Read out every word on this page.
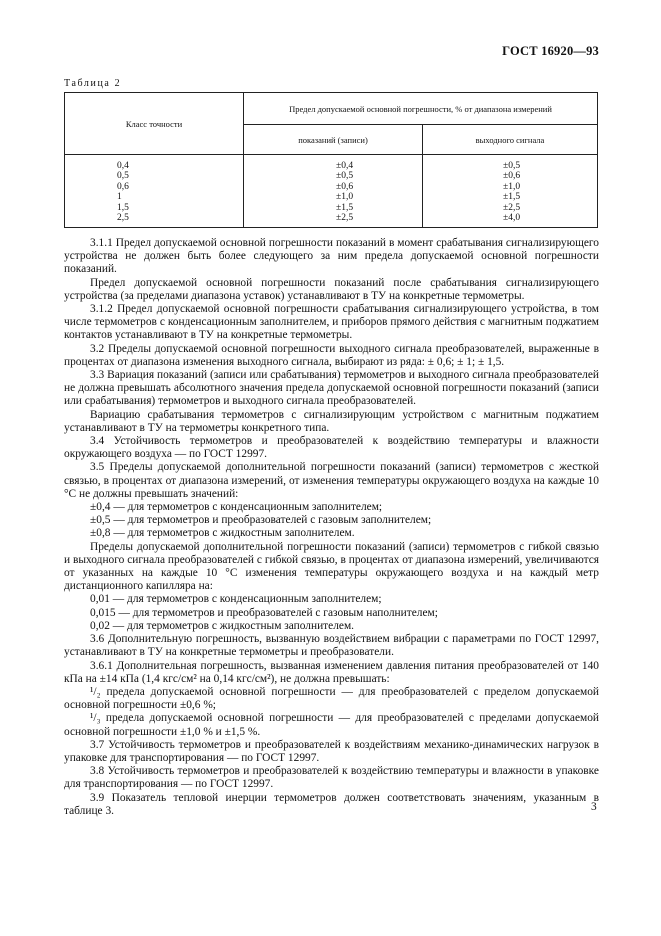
ГОСТ 16920—93
Таблица 2
Класс точности	Предел допускаемой основной погрешности, % от диапазона измерений	
	показаний (записи)	выходного сигнала
0,4	±0,4	±0,5
0,5	±0,5	±0,6
0,6	±0,6	±1,0
1	±1,0	±1,5
1,5	±1,5	±2,5
2,5	±2,5	±4,0

3.1.1 Предел допускаемой основной погрешности показаний в момент срабатывания сигнализирующего устройства не должен быть более следующего за ним предела допускаемой основной погрешности показаний.

Предел допускаемой основной погрешности показаний после срабатывания сигнализирующего устройства (за пределами диапазона уставок) устанавливают в ТУ на конкретные термометры.

3.1.2 Предел допускаемой основной погрешности срабатывания сигнализирующего устройства, в том числе термометров с конденсационным заполнителем, и приборов прямого действия с магнитным поджатием контактов устанавливают в ТУ на конкретные термометры.

3.2 Пределы допускаемой основной погрешности выходного сигнала преобразователей, выраженные в процентах от диапазона изменения выходного сигнала, выбирают из ряда: ± 0,6; ± 1; ± 1,5.

3.3 Вариация показаний (записи или срабатывания) термометров и выходного сигнала преобразователей не должна превышать абсолютного значения предела допускаемой основной погрешности показаний (записи или срабатывания) термометров и выходного сигнала преобразователей.

Вариацию срабатывания термометров с сигнализирующим устройством с магнитным поджатием устанавливают в ТУ на термометры конкретного типа.

3.4 Устойчивость термометров и преобразователей к воздействию температуры и влажности окружающего воздуха — по ГОСТ 12997.

3.5 Пределы допускаемой дополнительной погрешности показаний (записи) термометров с жесткой связью, в процентах от диапазона измерений, от изменения температуры окружающего воздуха на каждые 10 °С не должны превышать значений:

±0,4 — для термометров с конденсационным заполнителем;

±0,5 — для термометров и преобразователей с газовым заполнителем;

±0,8 — для термометров с жидкостным заполнителем.

Пределы допускаемой дополнительной погрешности показаний (записи) термометров с гибкой связью и выходного сигнала преобразователей с гибкой связью, в процентах от диапазона измерений, увеличиваются от указанных на каждые 10 °С изменения температуры окружающего воздуха и на каждый метр дистанционного капилляра на:

0,01 — для термометров с конденсационным заполнителем;

0,015 — для термометров и преобразователей с газовым наполнителем;

0,02 — для термометров с жидкостным заполнителем.

3.6 Дополнительную погрешность, вызванную воздействием вибрации с параметрами по ГОСТ 12997, устанавливают в ТУ на конкретные термометры и преобразователи.

3.6.1 Дополнительная погрешность, вызванная изменением давления питания преобразователей от 140 кПа на ±14 кПа (1,4 кгс/см² на 0,14 кгс/см²), не должна превышать:

¹/₂ предела допускаемой основной погрешности — для преобразователей с пределом допускаемой основной погрешности ±0,6 %;

¹/₃ предела допускаемой основной погрешности — для преобразователей с пределами допускаемой основной погрешности ±1,0 % и ±1,5 %.

3.7 Устойчивость термометров и преобразователей к воздействиям механико-динамических нагрузок в упаковке для транспортирования — по ГОСТ 12997.

3.8 Устойчивость термометров и преобразователей к воздействию температуры и влажности в упаковке для транспортирования — по ГОСТ 12997.

3.9 Показатель тепловой инерции термометров должен соответствовать значениям, указанным в таблице 3.	3
